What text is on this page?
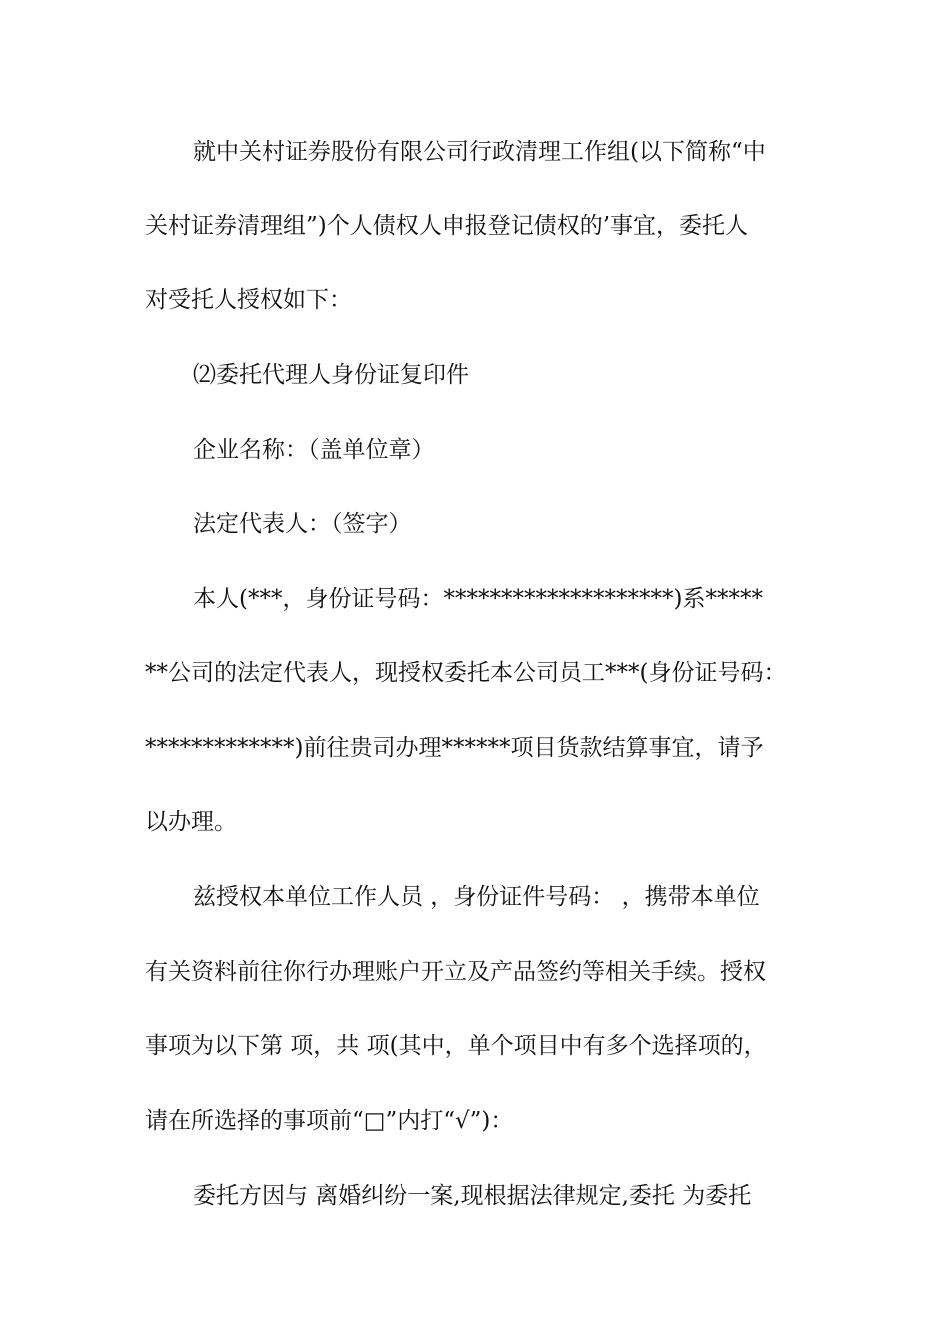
就中关村证券股份有限公司行政清理工作组(以下简称“中
关村证券清理组”)个人债权人申报登记债权的’事宜，委托人
对受托人授权如下：
⑵委托代理人身份证复印件
企业名称：（盖单位章）
法定代表人：（签字）
本人(***，身份证号码：********************)系*****
**公司的法定代表人，现授权委托本公司员工***(身份证号码：
*************)前往贵司办理******项目货款结算事宜，请予
以办理。
兹授权本单位工作人员 ，身份证件号码： ，携带本单位
有关资料前往你行办理账户开立及产品签约等相关手续。授权
事项为以下第 项，共 项(其中，单个项目中有多个选择项的，
请在所选择的事项前“□”内打“√”)：
委托方因与 离婚纠纷一案,现根据法律规定,委托 为委托
